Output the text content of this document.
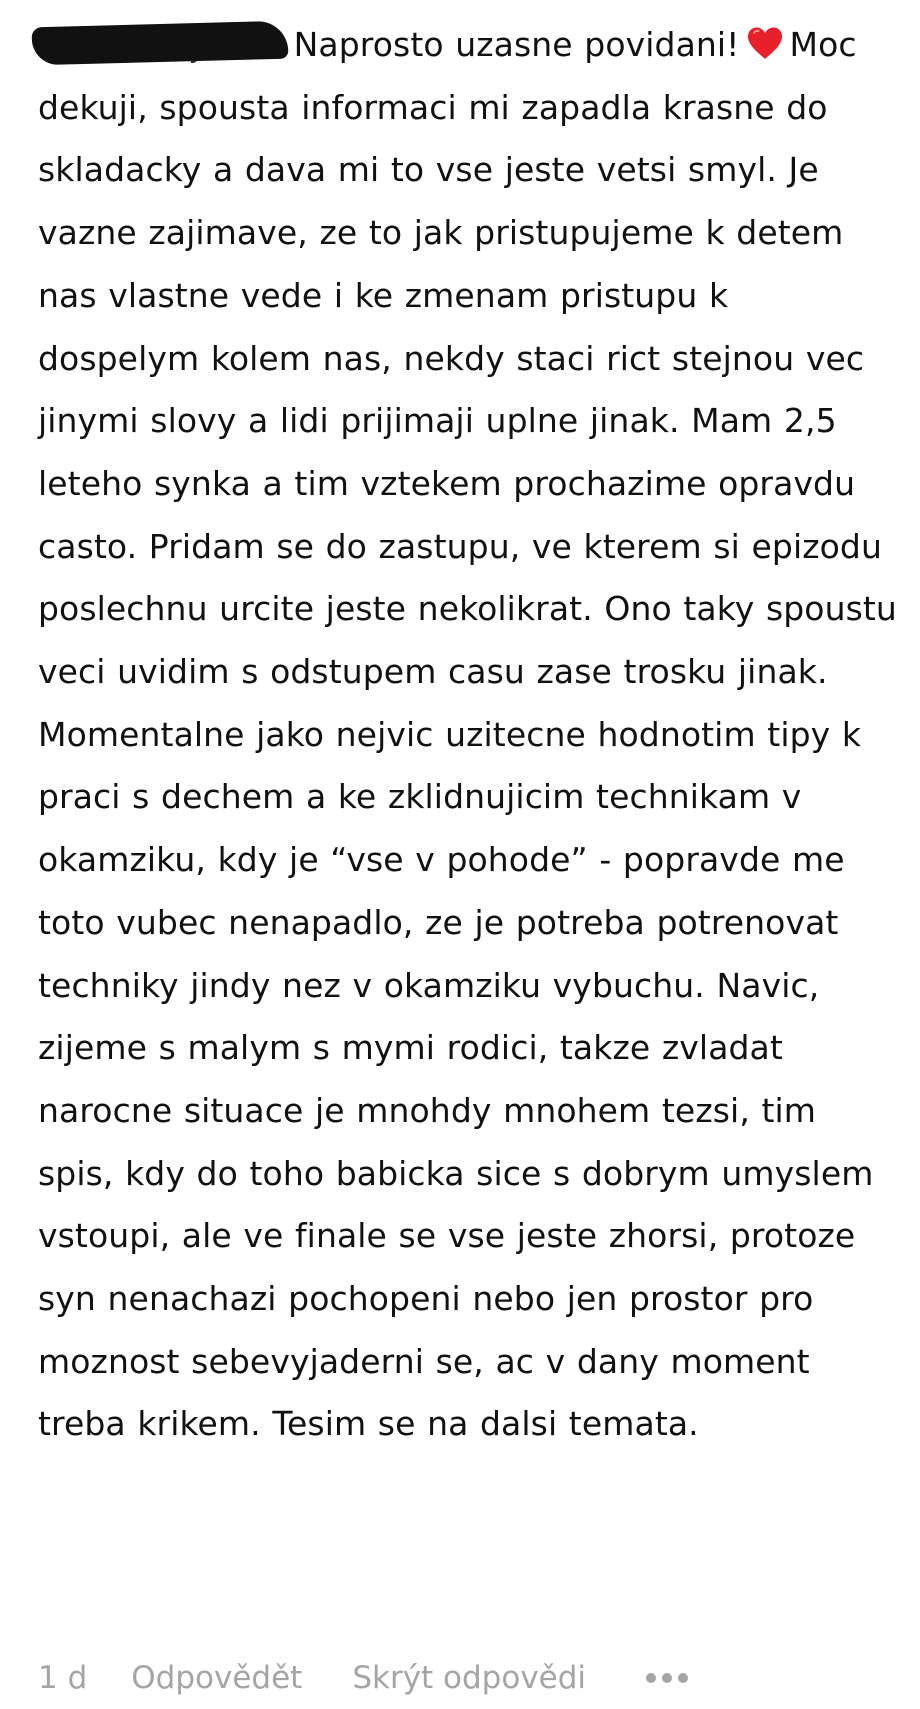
Naprosto uzasne povidani! Moc dekuji, spousta informaci mi zapadla krasne do skladacky a dava mi to vse jeste vetsi smyl. Je vazne zajimave, ze to jak pristupujeme k detem nas vlastne vede i ke zmenam pristupu k dospelym kolem nas, nekdy staci rict stejnou vec jinymi slovy a lidi prijimaji uplne jinak. Mam 2,5 leteho synka a tim vztekem prochazime opravdu casto. Pridam se do zastupu, ve kterem si epizodu poslechnu urcite jeste nekolikrat. Ono taky spoustu veci uvidim s odstupem casu zase trosku jinak. Momentalne jako nejvic uzitecne hodnotim tipy k praci s dechem a ke zklidnujicim technikam v okamziku, kdy je “vse v pohode” - popravde me toto vubec nenapadlo, ze je potreba potrenovat techniky jindy nez v okamziku vybuchu. Navic, zijeme s malym s mymi rodici, takze zvladat narocne situace je mnohdy mnohem tezsi, tim spis, kdy do toho babicka sice s dobrym umyslem vstoupi, ale ve finale se vse jeste zhorsi, protoze syn nenachazi pochopeni nebo jen prostor pro moznost sebevyjaderni se, ac v dany moment treba krikem. Tesim se na dalsi temata.

1 d Odpovědět Skrýt odpovědi
